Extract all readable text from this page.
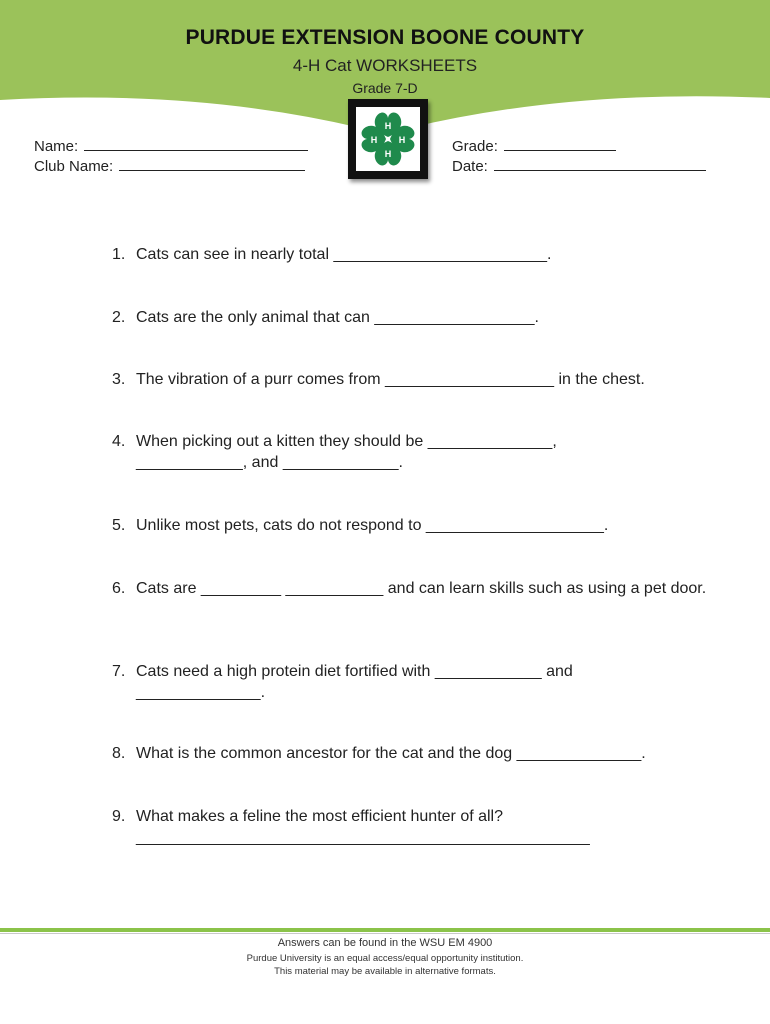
PURDUE EXTENSION BOONE COUNTY
4-H Cat WORKSHEETS
Grade 7-D
Name:
Club Name:
Grade:
Date:
H
H
H H
1. Cats can see in nearly total ________________________.
2. Cats are the only animal that can __________________.
3. The vibration of a purr comes from ___________________ in the chest.
4. When picking out a kitten they should be ______________, ____________, and _____________.
5. Unlike most pets, cats do not respond to ____________________.
6. Cats are _________ ___________ and can learn skills such as using a pet door.
7. Cats need a high protein diet fortified with ____________ and ______________.
8. What is the common ancestor for the cat and the dog ______________.
9. What makes a feline the most efficient hunter of all? ___________________________________________________
Answers can be found in the WSU EM 4900
Purdue University is an equal access/equal opportunity institution.
This material may be available in alternative formats.
